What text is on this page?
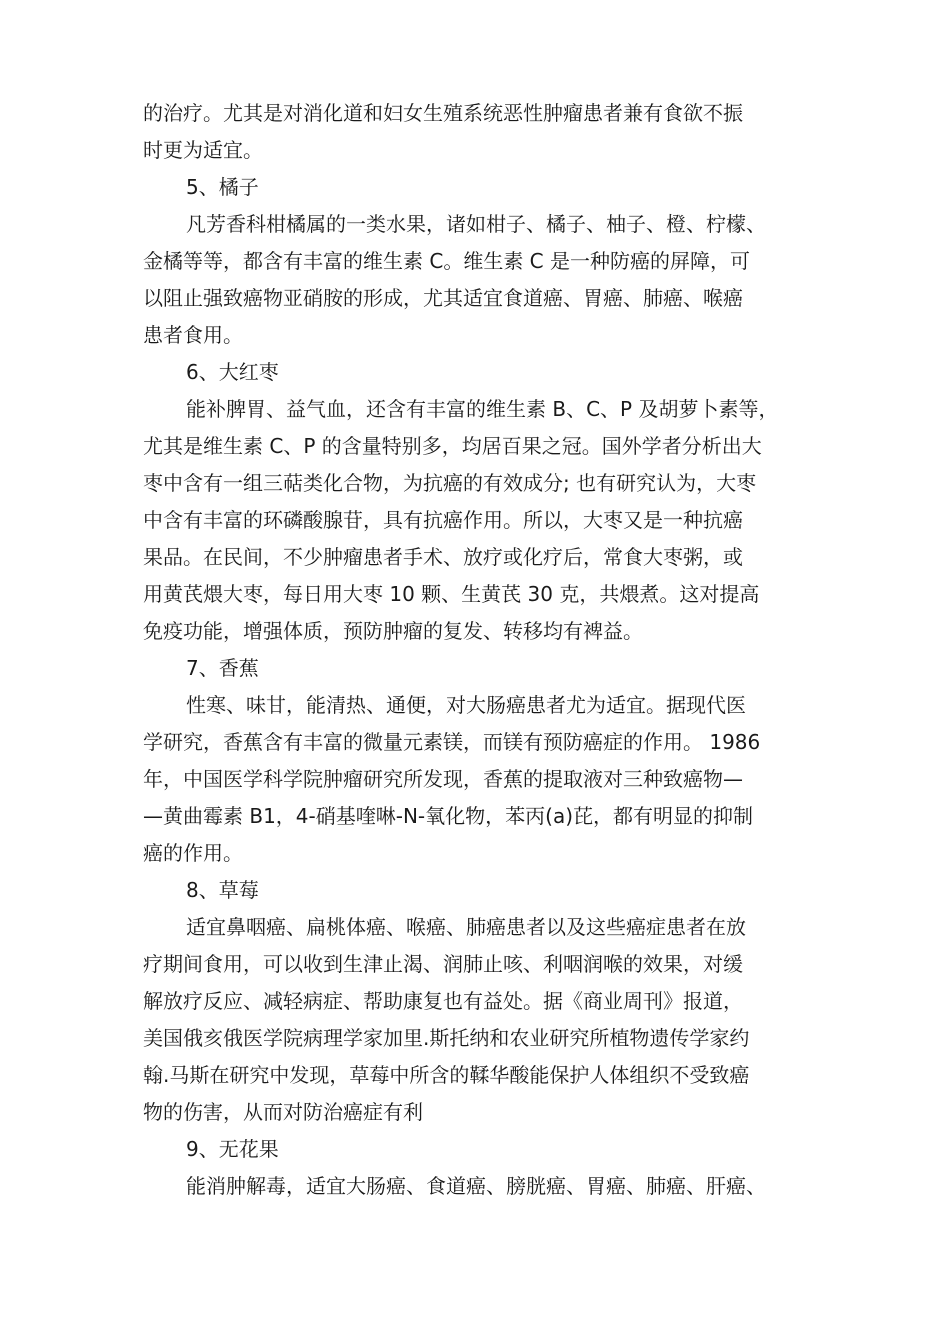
的治疗。尤其是对消化道和妇女生殖系统恶性肿瘤患者兼有食欲不振
时更为适宜。
5、橘子
凡芳香科柑橘属的一类水果，诸如柑子、橘子、柚子、橙、柠檬、
金橘等等，都含有丰富的维生素 C。维生素 C 是一种防癌的屏障，可
以阻止强致癌物亚硝胺的形成，尤其适宜食道癌、胃癌、肺癌、喉癌
患者食用。
6、大红枣
能补脾胃、益气血，还含有丰富的维生素 B、C、P 及胡萝卜素等，
尤其是维生素 C、P 的含量特别多，均居百果之冠。国外学者分析出大
枣中含有一组三萜类化合物，为抗癌的有效成分; 也有研究认为，大枣
中含有丰富的环磷酸腺苷，具有抗癌作用。所以，大枣又是一种抗癌
果品。在民间，不少肿瘤患者手术、放疗或化疗后，常食大枣粥，或
用黄芪煨大枣，每日用大枣 10 颗、生黄芪 30 克，共煨煮。这对提高
免疫功能，增强体质，预防肿瘤的复发、转移均有裨益。
7、香蕉
性寒、味甘，能清热、通便，对大肠癌患者尤为适宜。据现代医
学研究，香蕉含有丰富的微量元素镁，而镁有预防癌症的作用。 1986
年，中国医学科学院肿瘤研究所发现，香蕉的提取液对三种致癌物—
—黄曲霉素 B1，4-硝基喹啉-N-氧化物，苯丙(a)芘，都有明显的抑制
癌的作用。
8、草莓
适宜鼻咽癌、扁桃体癌、喉癌、肺癌患者以及这些癌症患者在放
疗期间食用，可以收到生津止渴、润肺止咳、利咽润喉的效果，对缓
解放疗反应、减轻病症、帮助康复也有益处。据《商业周刊》报道，
美国俄亥俄医学院病理学家加里.斯托纳和农业研究所植物遗传学家约
翰.马斯在研究中发现，草莓中所含的鞣华酸能保护人体组织不受致癌
物的伤害，从而对防治癌症有利
9、无花果
能消肿解毒，适宜大肠癌、食道癌、膀胱癌、胃癌、肺癌、肝癌、
